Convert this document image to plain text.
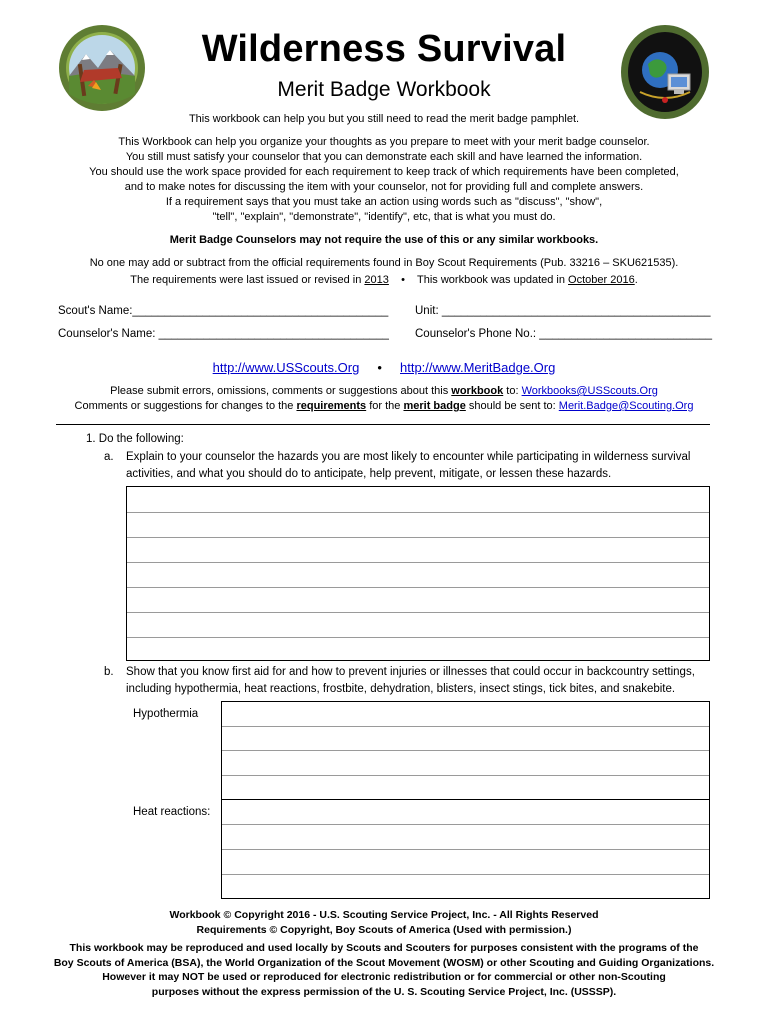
Wilderness Survival
Merit Badge Workbook
This workbook can help you but you still need to read the merit badge pamphlet.
This Workbook can help you organize your thoughts as you prepare to meet with your merit badge counselor.
You still must satisfy your counselor that you can demonstrate each skill and have learned the information.
You should use the work space provided for each requirement to keep track of which requirements have been completed,
and to make notes for discussing the item with your counselor, not for providing full and complete answers.
If a requirement says that you must take an action using words such as "discuss", "show",
"tell", "explain", "demonstrate", "identify", etc, that is what you must do.
Merit Badge Counselors may not require the use of this or any similar workbooks.
No one may add or subtract from the official requirements found in Boy Scout Requirements (Pub. 33216 – SKU621535).
The requirements were last issued or revised in 2013 • This workbook was updated in October 2016.
Scout's Name:________________________________________ Unit: __________________________________________
Counselor's Name: ____________________________________ Counselor's Phone No.: ___________________________
http://www.USScouts.Org • http://www.MeritBadge.Org
Please submit errors, omissions, comments or suggestions about this workbook to: Workbooks@USScouts.Org
Comments or suggestions for changes to the requirements for the merit badge should be sent to: Merit.Badge@Scouting.Org
1. Do the following:
a. Explain to your counselor the hazards you are most likely to encounter while participating in wilderness survival
activities, and what you should do to anticipate, help prevent, mitigate, or lessen these hazards.
b. Show that you know first aid for and how to prevent injuries or illnesses that could occur in backcountry settings,
including hypothermia, heat reactions, frostbite, dehydration, blisters, insect stings, tick bites, and snakebite.
Hypothermia
Heat reactions:
Workbook © Copyright 2016 - U.S. Scouting Service Project, Inc. - All Rights Reserved
Requirements © Copyright, Boy Scouts of America (Used with permission.)
This workbook may be reproduced and used locally by Scouts and Scouters for purposes consistent with the programs of the
Boy Scouts of America (BSA), the World Organization of the Scout Movement (WOSM) or other Scouting and Guiding Organizations.
However it may NOT be used or reproduced for electronic redistribution or for commercial or other non-Scouting
purposes without the express permission of the U. S. Scouting Service Project, Inc. (USSSP).
